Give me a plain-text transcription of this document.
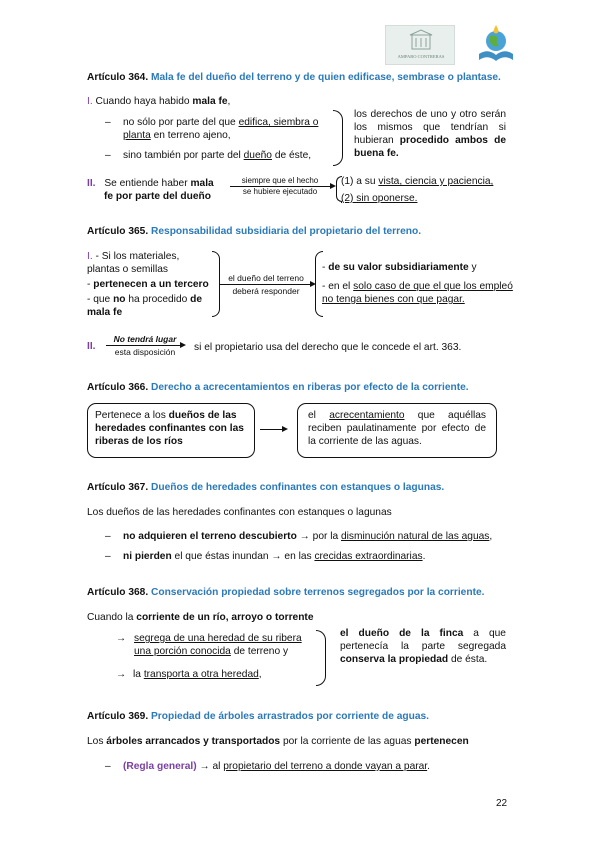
AMPARO CONTRERAS
Artículo 364. Mala fe del dueño del terreno y de quien edificase, sembrase o plantase.
I. Cuando haya habido mala fe,
– no sólo por parte del que edifica, siembra o planta en terreno ajeno,
– sino también por parte del dueño de éste,
los derechos de uno y otro serán los mismos que tendrían si hubieran procedido ambos de buena fe.
II. Se entiende haber mala
fe por parte del dueño
siempre que el hecho
se hubiere ejecutado
(1) a su vista, ciencia y paciencia,
(2) sin oponerse.
Artículo 365. Responsabilidad subsidiaria del propietario del terreno.
I. - Si los materiales,
plantas o semillas
- pertenecen a un tercero
- que no ha procedido de
mala fe
el dueño del terreno
deberá responder
- de su valor subsidiariamente y
- en el solo caso de que el que los empleó
no tenga bienes con que pagar.
II.
No tendrá lugar
esta disposición	si el propietario usa del derecho que le concede el art. 363.
Artículo 366. Derecho a acrecentamientos en riberas por efecto de la corriente.
Pertenece a los dueños de las heredades confinantes con las riberas de los ríos
el acrecentamiento que aquéllas reciben paulatinamente por efecto de la corriente de las aguas.
Artículo 367. Dueños de heredades confinantes con estanques o lagunas.
Los dueños de las heredades confinantes con estanques o lagunas
– no adquieren el terreno descubierto → por la disminución natural de las aguas,
– ni pierden el que éstas inundan → en las crecidas extraordinarias.
Artículo 368. Conservación propiedad sobre terrenos segregados por la corriente.
Cuando la corriente de un río, arroyo o torrente
→ segrega de una heredad de su ribera
una porción conocida de terreno y
→ la transporta a otra heredad,
el dueño de la finca a que pertenecía la parte segregada conserva la propiedad de ésta.
Artículo 369. Propiedad de árboles arrastrados por corriente de aguas.
Los árboles arrancados y transportados por la corriente de las aguas pertenecen
– (Regla general) → al propietario del terreno a donde vayan a parar.
22
